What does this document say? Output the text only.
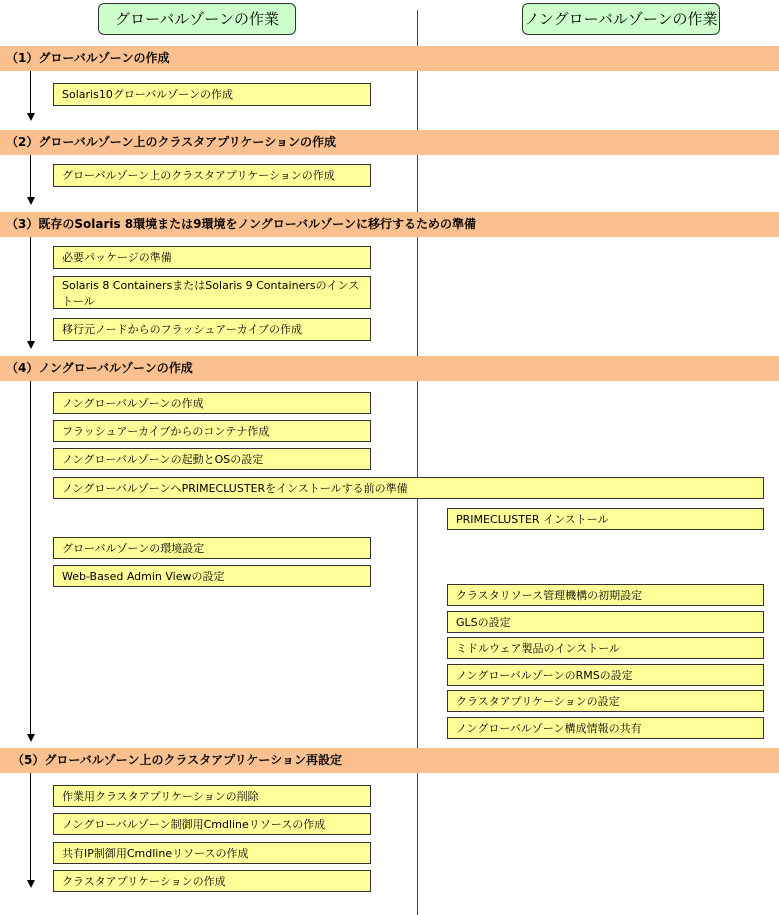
グローバルゾーンの作業	ノングローバルゾーンの作業
（1）グローバルゾーンの作成
Solaris10グローバルゾーンの作成
（2）グローバルゾーン上のクラスタアプリケーションの作成
グローバルゾーン上のクラスタアプリケーションの作成
（3）既存のSolaris 8環境または9環境をノングローバルゾーンに移行するための準備
必要パッケージの準備
Solaris 8 ContainersまたはSolaris 9 Containersのインストール
移行元ノードからのフラッシュアーカイブの作成
（4）ノングローバルゾーンの作成
ノングローバルゾーンの作成
フラッシュアーカイブからのコンテナ作成
ノングローバルゾーンの起動とOSの設定
ノングローバルゾーンへPRIMECLUSTERをインストールする前の準備
PRIMECLUSTER インストール
グローバルゾーンの環境設定
Web-Based Admin Viewの設定
クラスタリソース管理機構の初期設定
GLSの設定
ミドルウェア製品のインストール
ノングローバルゾーンのRMSの設定
クラスタアプリケーションの設定
ノングローバルゾーン構成情報の共有
（5）グローバルゾーン上のクラスタアプリケーション再設定
作業用クラスタアプリケーションの削除
ノングローバルゾーン制御用Cmdlineリソースの作成
共有IP制御用Cmdlineリソースの作成
クラスタアプリケーションの作成
